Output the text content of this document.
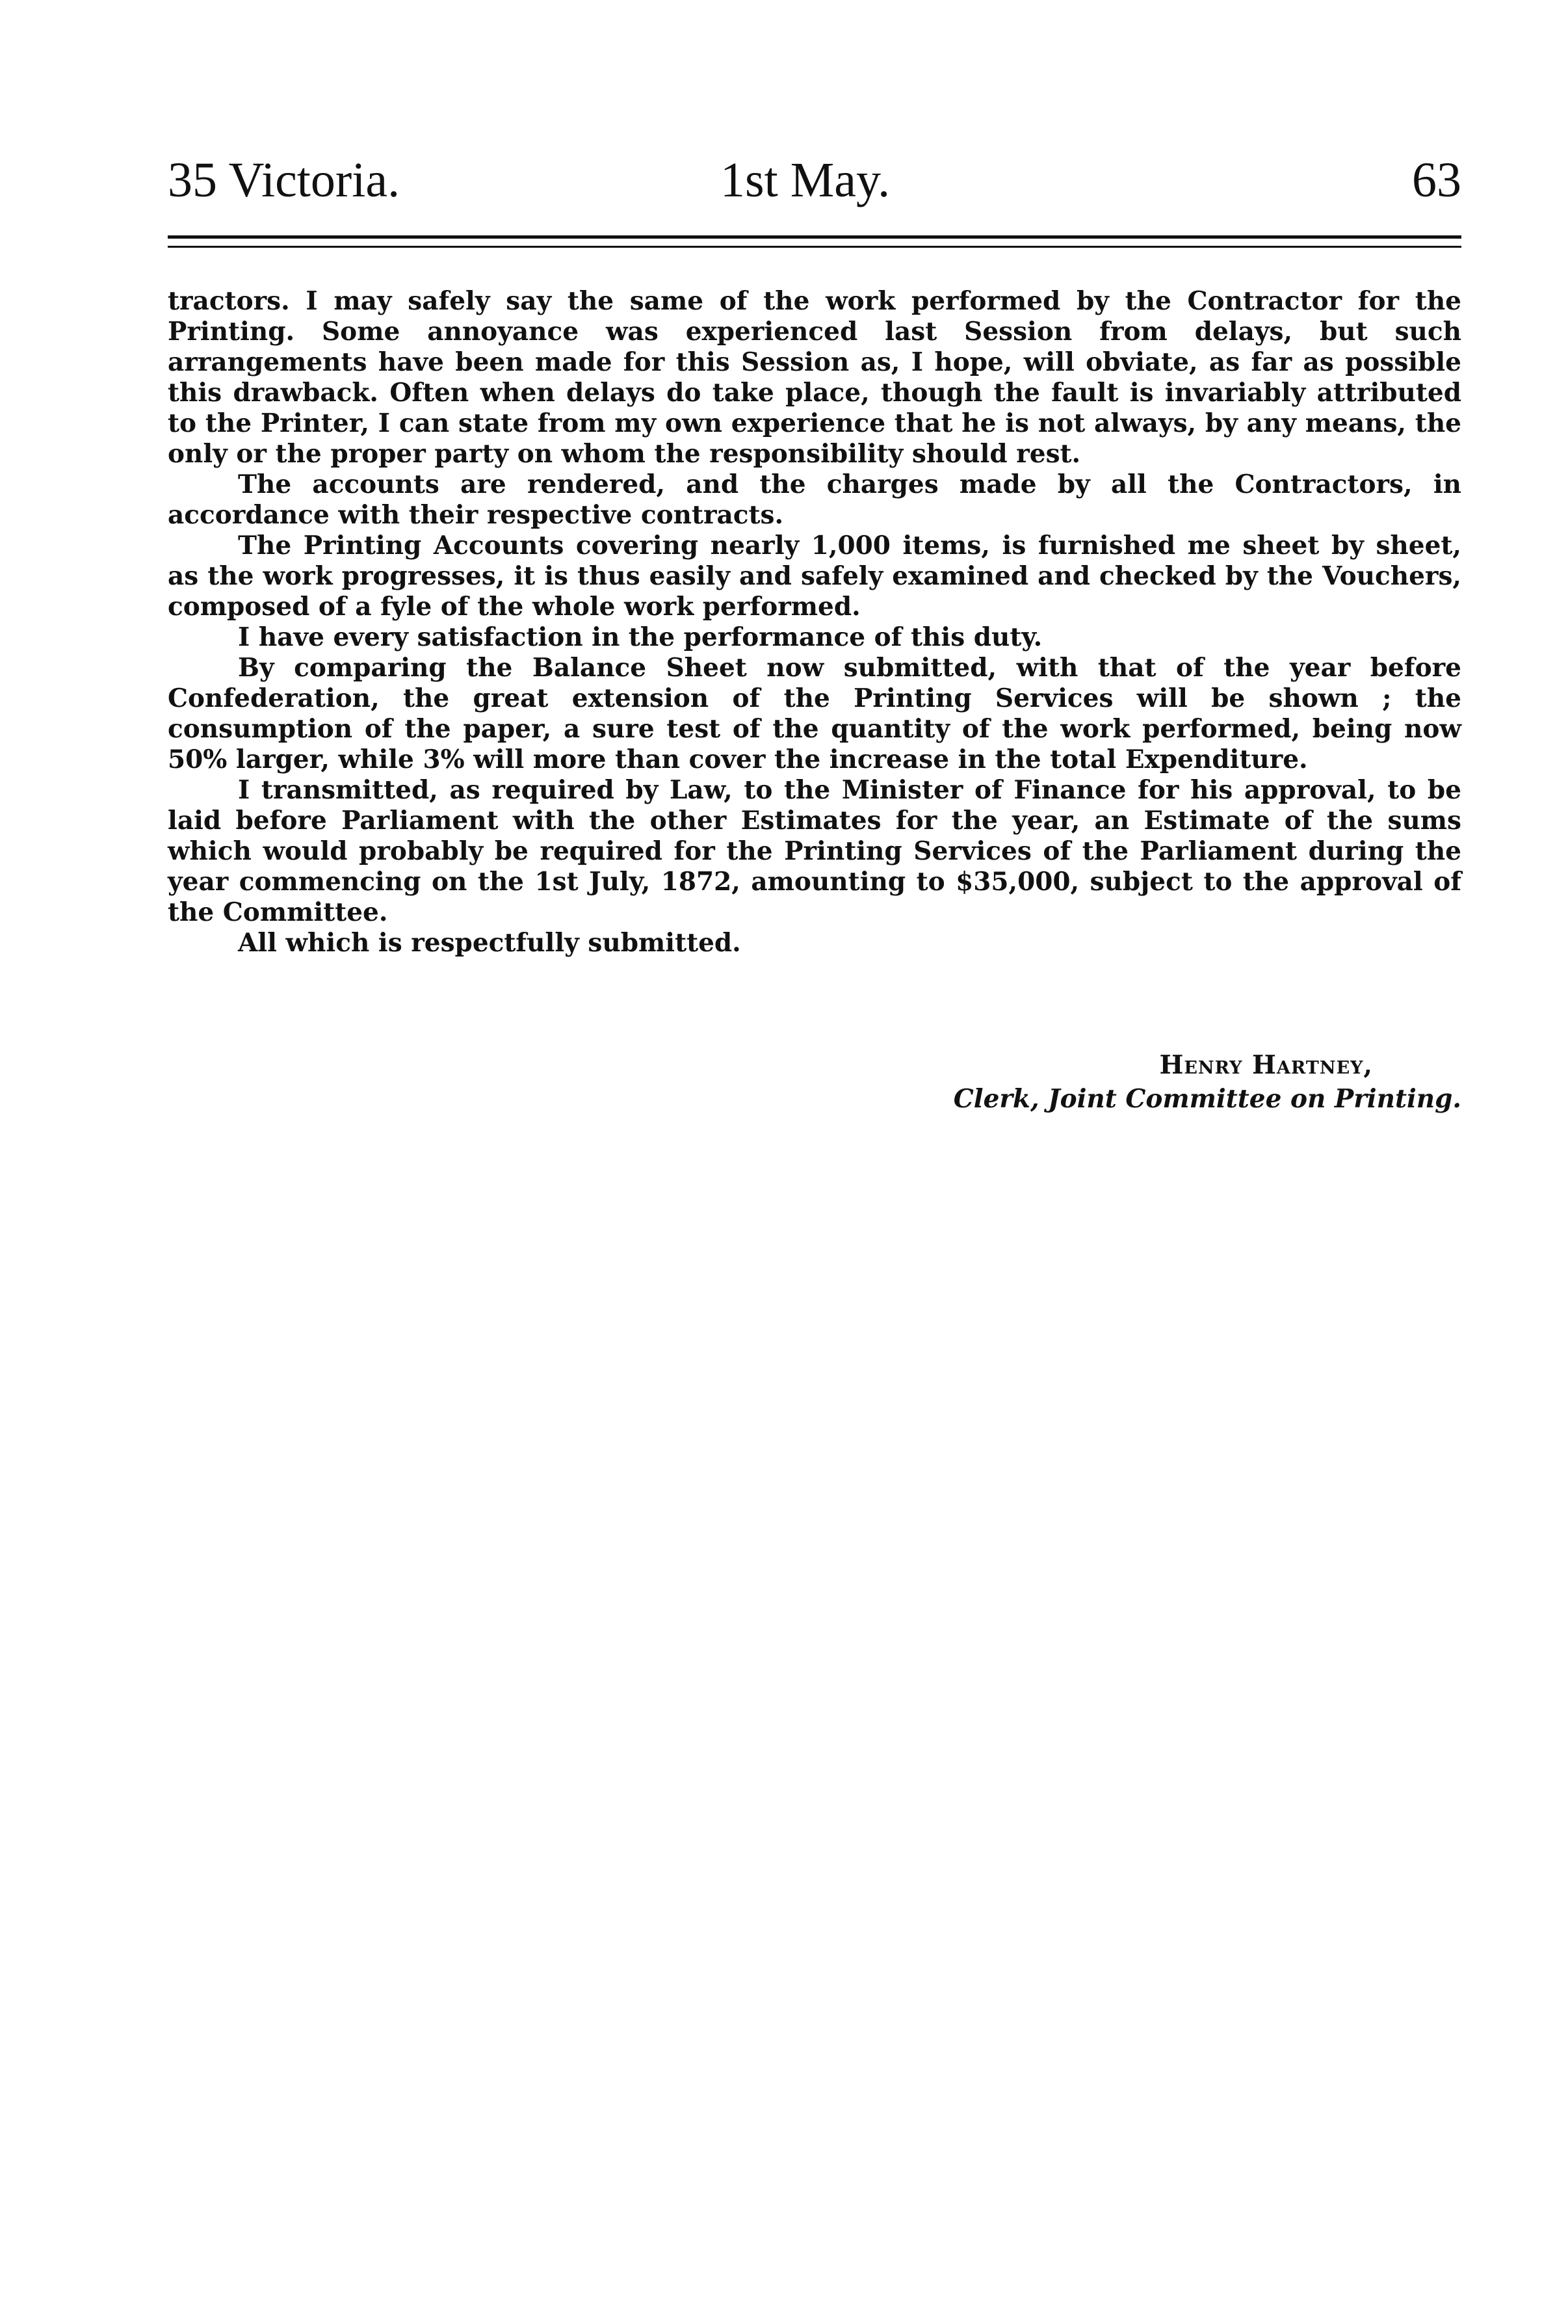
35 Victoria.	1st May.	63

tractors. I may safely say the same of the work performed by the Contractor for the Printing. Some annoyance was experienced last Session from delays, but such arrangements have been made for this Session as, I hope, will obviate, as far as possible this drawback. Often when delays do take place, though the fault is invariably attributed to the Printer, I can state from my own experience that he is not always, by any means, the only or the proper party on whom the responsibility should rest.

The accounts are rendered, and the charges made by all the Contractors, in accordance with their respective contracts.

The Printing Accounts covering nearly 1,000 items, is furnished me sheet by sheet, as the work progresses, it is thus easily and safely examined and checked by the Vouchers, composed of a fyle of the whole work performed.

I have every satisfaction in the performance of this duty.

By comparing the Balance Sheet now submitted, with that of the year before Confederation, the great extension of the Printing Services will be shown ; the consumption of the paper, a sure test of the quantity of the work performed, being now 50% larger, while 3% will more than cover the increase in the total Expenditure.

I transmitted, as required by Law, to the Minister of Finance for his approval, to be laid before Parliament with the other Estimates for the year, an Estimate of the sums which would probably be required for the Printing Services of the Parliament during the year commencing on the 1st July, 1872, amounting to $35,000, subject to the approval of the Committee.

All which is respectfully submitted.

Henry Hartney,
Clerk, Joint Committee on Printing.
